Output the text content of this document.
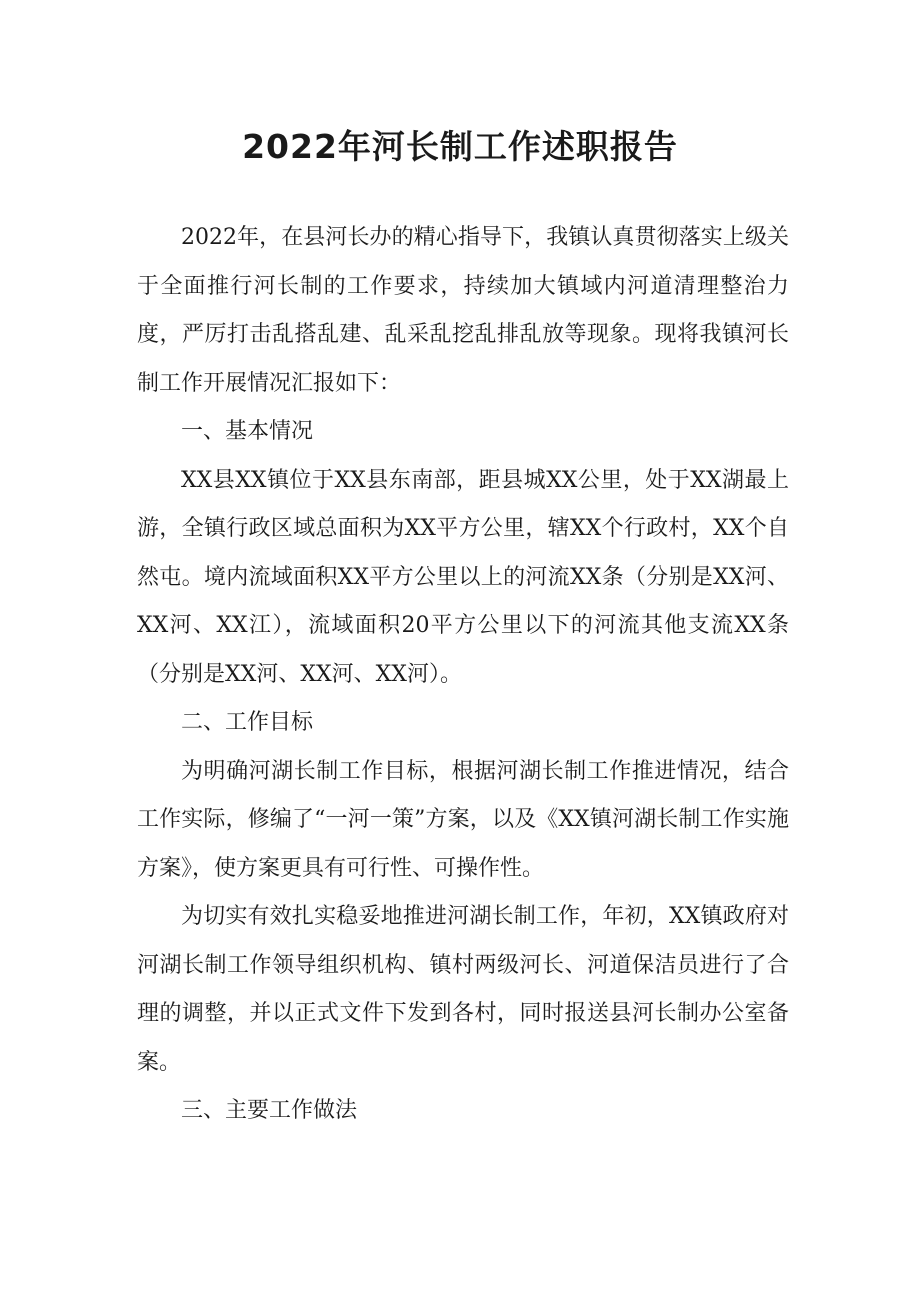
2022年河长制工作述职报告

2022年，在县河长办的精心指导下，我镇认真贯彻落实上级关于全面推行河长制的工作要求，持续加大镇域内河道清理整治力度，严厉打击乱搭乱建、乱采乱挖乱排乱放等现象。现将我镇河长制工作开展情况汇报如下：

一、基本情况

XX县XX镇位于XX县东南部，距县城XX公里，处于XX湖最上游，全镇行政区域总面积为XX平方公里，辖XX个行政村，XX个自然屯。境内流域面积XX平方公里以上的河流XX条（分别是XX河、XX河、XX江），流域面积20平方公里以下的河流其他支流XX条（分别是XX河、XX河、XX河）。

二、工作目标

为明确河湖长制工作目标，根据河湖长制工作推进情况，结合工作实际，修编了“一河一策”方案，以及《XX镇河湖长制工作实施方案》，使方案更具有可行性、可操作性。

为切实有效扎实稳妥地推进河湖长制工作，年初，XX镇政府对河湖长制工作领导组织机构、镇村两级河长、河道保洁员进行了合理的调整，并以正式文件下发到各村，同时报送县河长制办公室备案。

三、主要工作做法
